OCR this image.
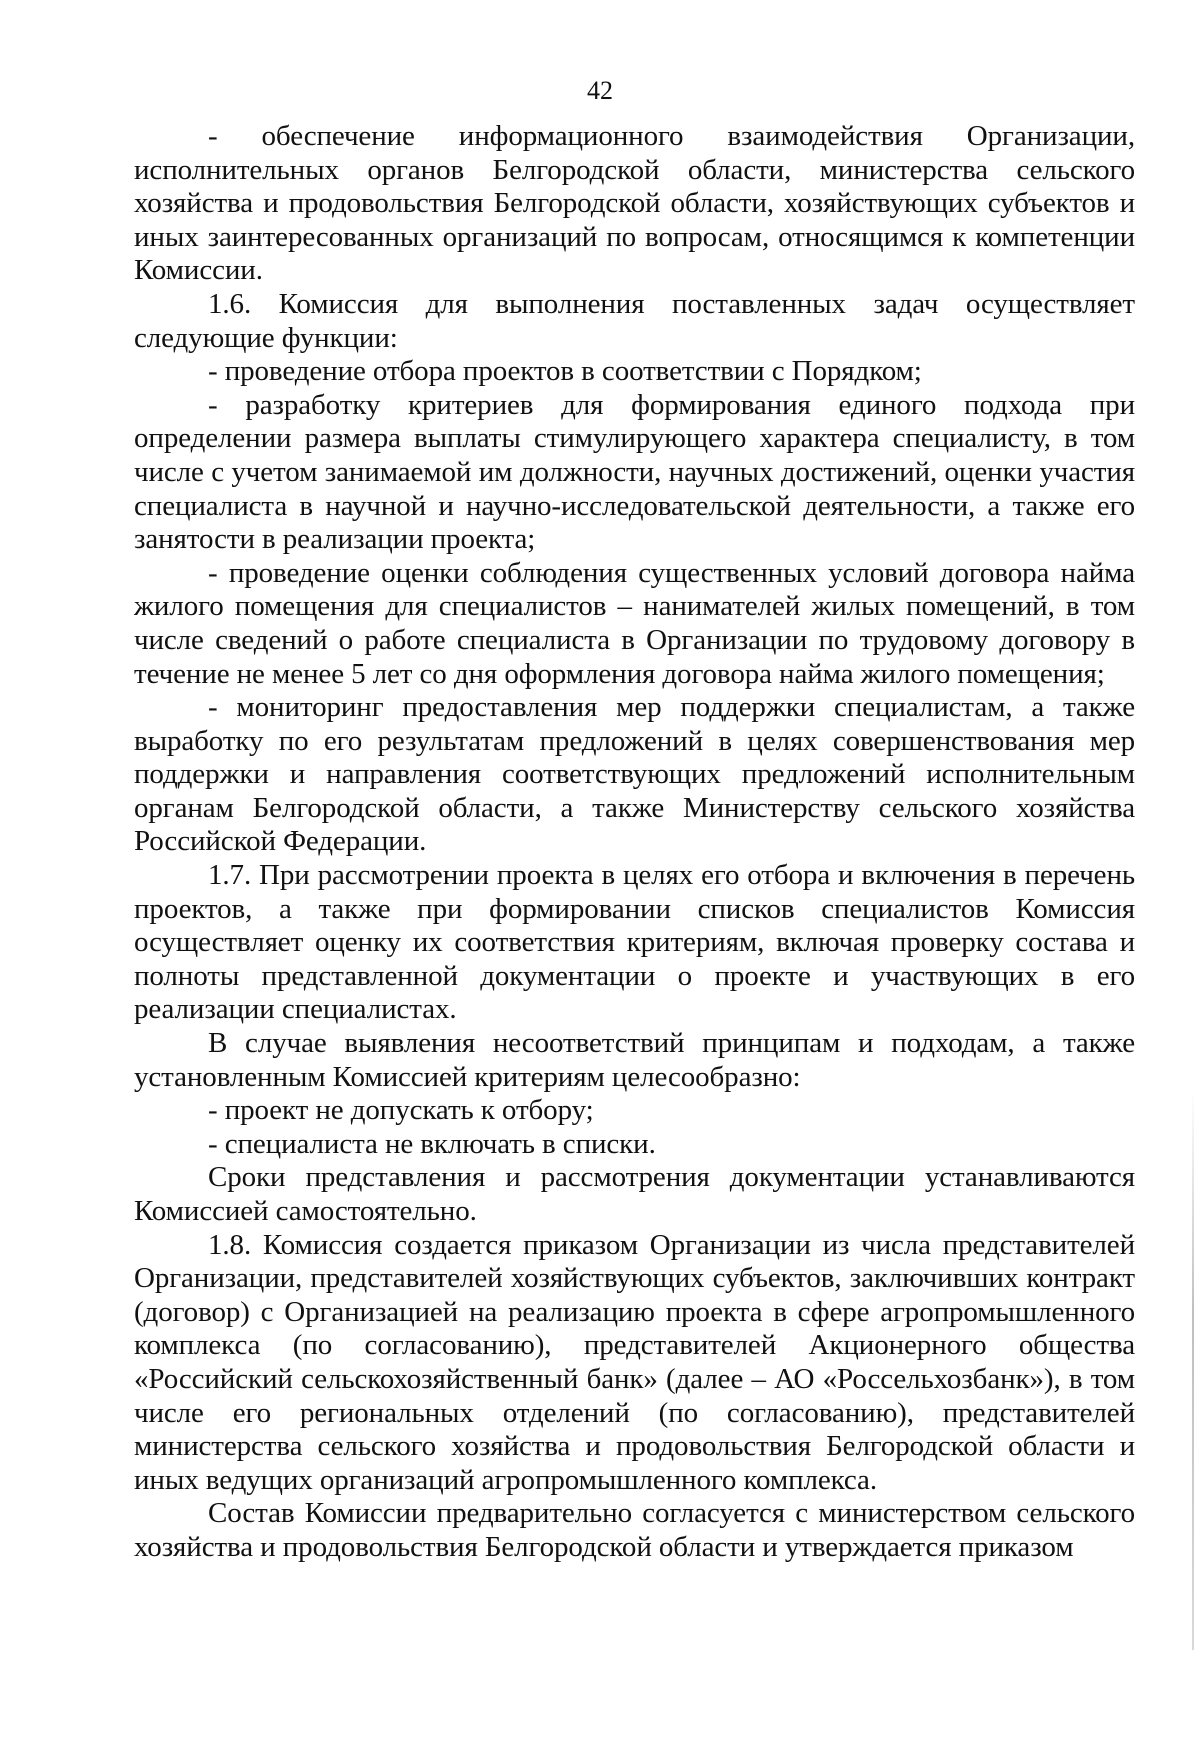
42

- обеспечение информационного взаимодействия Организации, исполнительных органов Белгородской области, министерства сельского хозяйства и продовольствия Белгородской области, хозяйствующих субъектов и иных заинтересованных организаций по вопросам, относящимся к компетенции Комиссии.

1.6. Комиссия для выполнения поставленных задач осуществляет следующие функции:

- проведение отбора проектов в соответствии с Порядком;

- разработку критериев для формирования единого подхода при определении размера выплаты стимулирующего характера специалисту, в том числе с учетом занимаемой им должности, научных достижений, оценки участия специалиста в научной и научно-исследовательской деятельности, а также его занятости в реализации проекта;

- проведение оценки соблюдения существенных условий договора найма жилого помещения для специалистов – нанимателей жилых помещений, в том числе сведений о работе специалиста в Организации по трудовому договору в течение не менее 5 лет со дня оформления договора найма жилого помещения;

- мониторинг предоставления мер поддержки специалистам, а также выработку по его результатам предложений в целях совершенствования мер поддержки и направления соответствующих предложений исполнительным органам Белгородской области, а также Министерству сельского хозяйства Российской Федерации.

1.7. При рассмотрении проекта в целях его отбора и включения в перечень проектов, а также при формировании списков специалистов Комиссия осуществляет оценку их соответствия критериям, включая проверку состава и полноты представленной документации о проекте и участвующих в его реализации специалистах.

В случае выявления несоответствий принципам и подходам, а также установленным Комиссией критериям целесообразно:

- проект не допускать к отбору;

- специалиста не включать в списки.

Сроки представления и рассмотрения документации устанавливаются Комиссией самостоятельно.

1.8. Комиссия создается приказом Организации из числа представителей Организации, представителей хозяйствующих субъектов, заключивших контракт (договор) с Организацией на реализацию проекта в сфере агропромышленного комплекса (по согласованию), представителей Акционерного общества «Российский сельскохозяйственный банк» (далее – АО «Россельхозбанк»), в том числе его региональных отделений (по согласованию), представителей министерства сельского хозяйства и продовольствия Белгородской области и иных ведущих организаций агропромышленного комплекса.

Состав Комиссии предварительно согласуется с министерством сельского хозяйства и продовольствия Белгородской области и утверждается приказом
